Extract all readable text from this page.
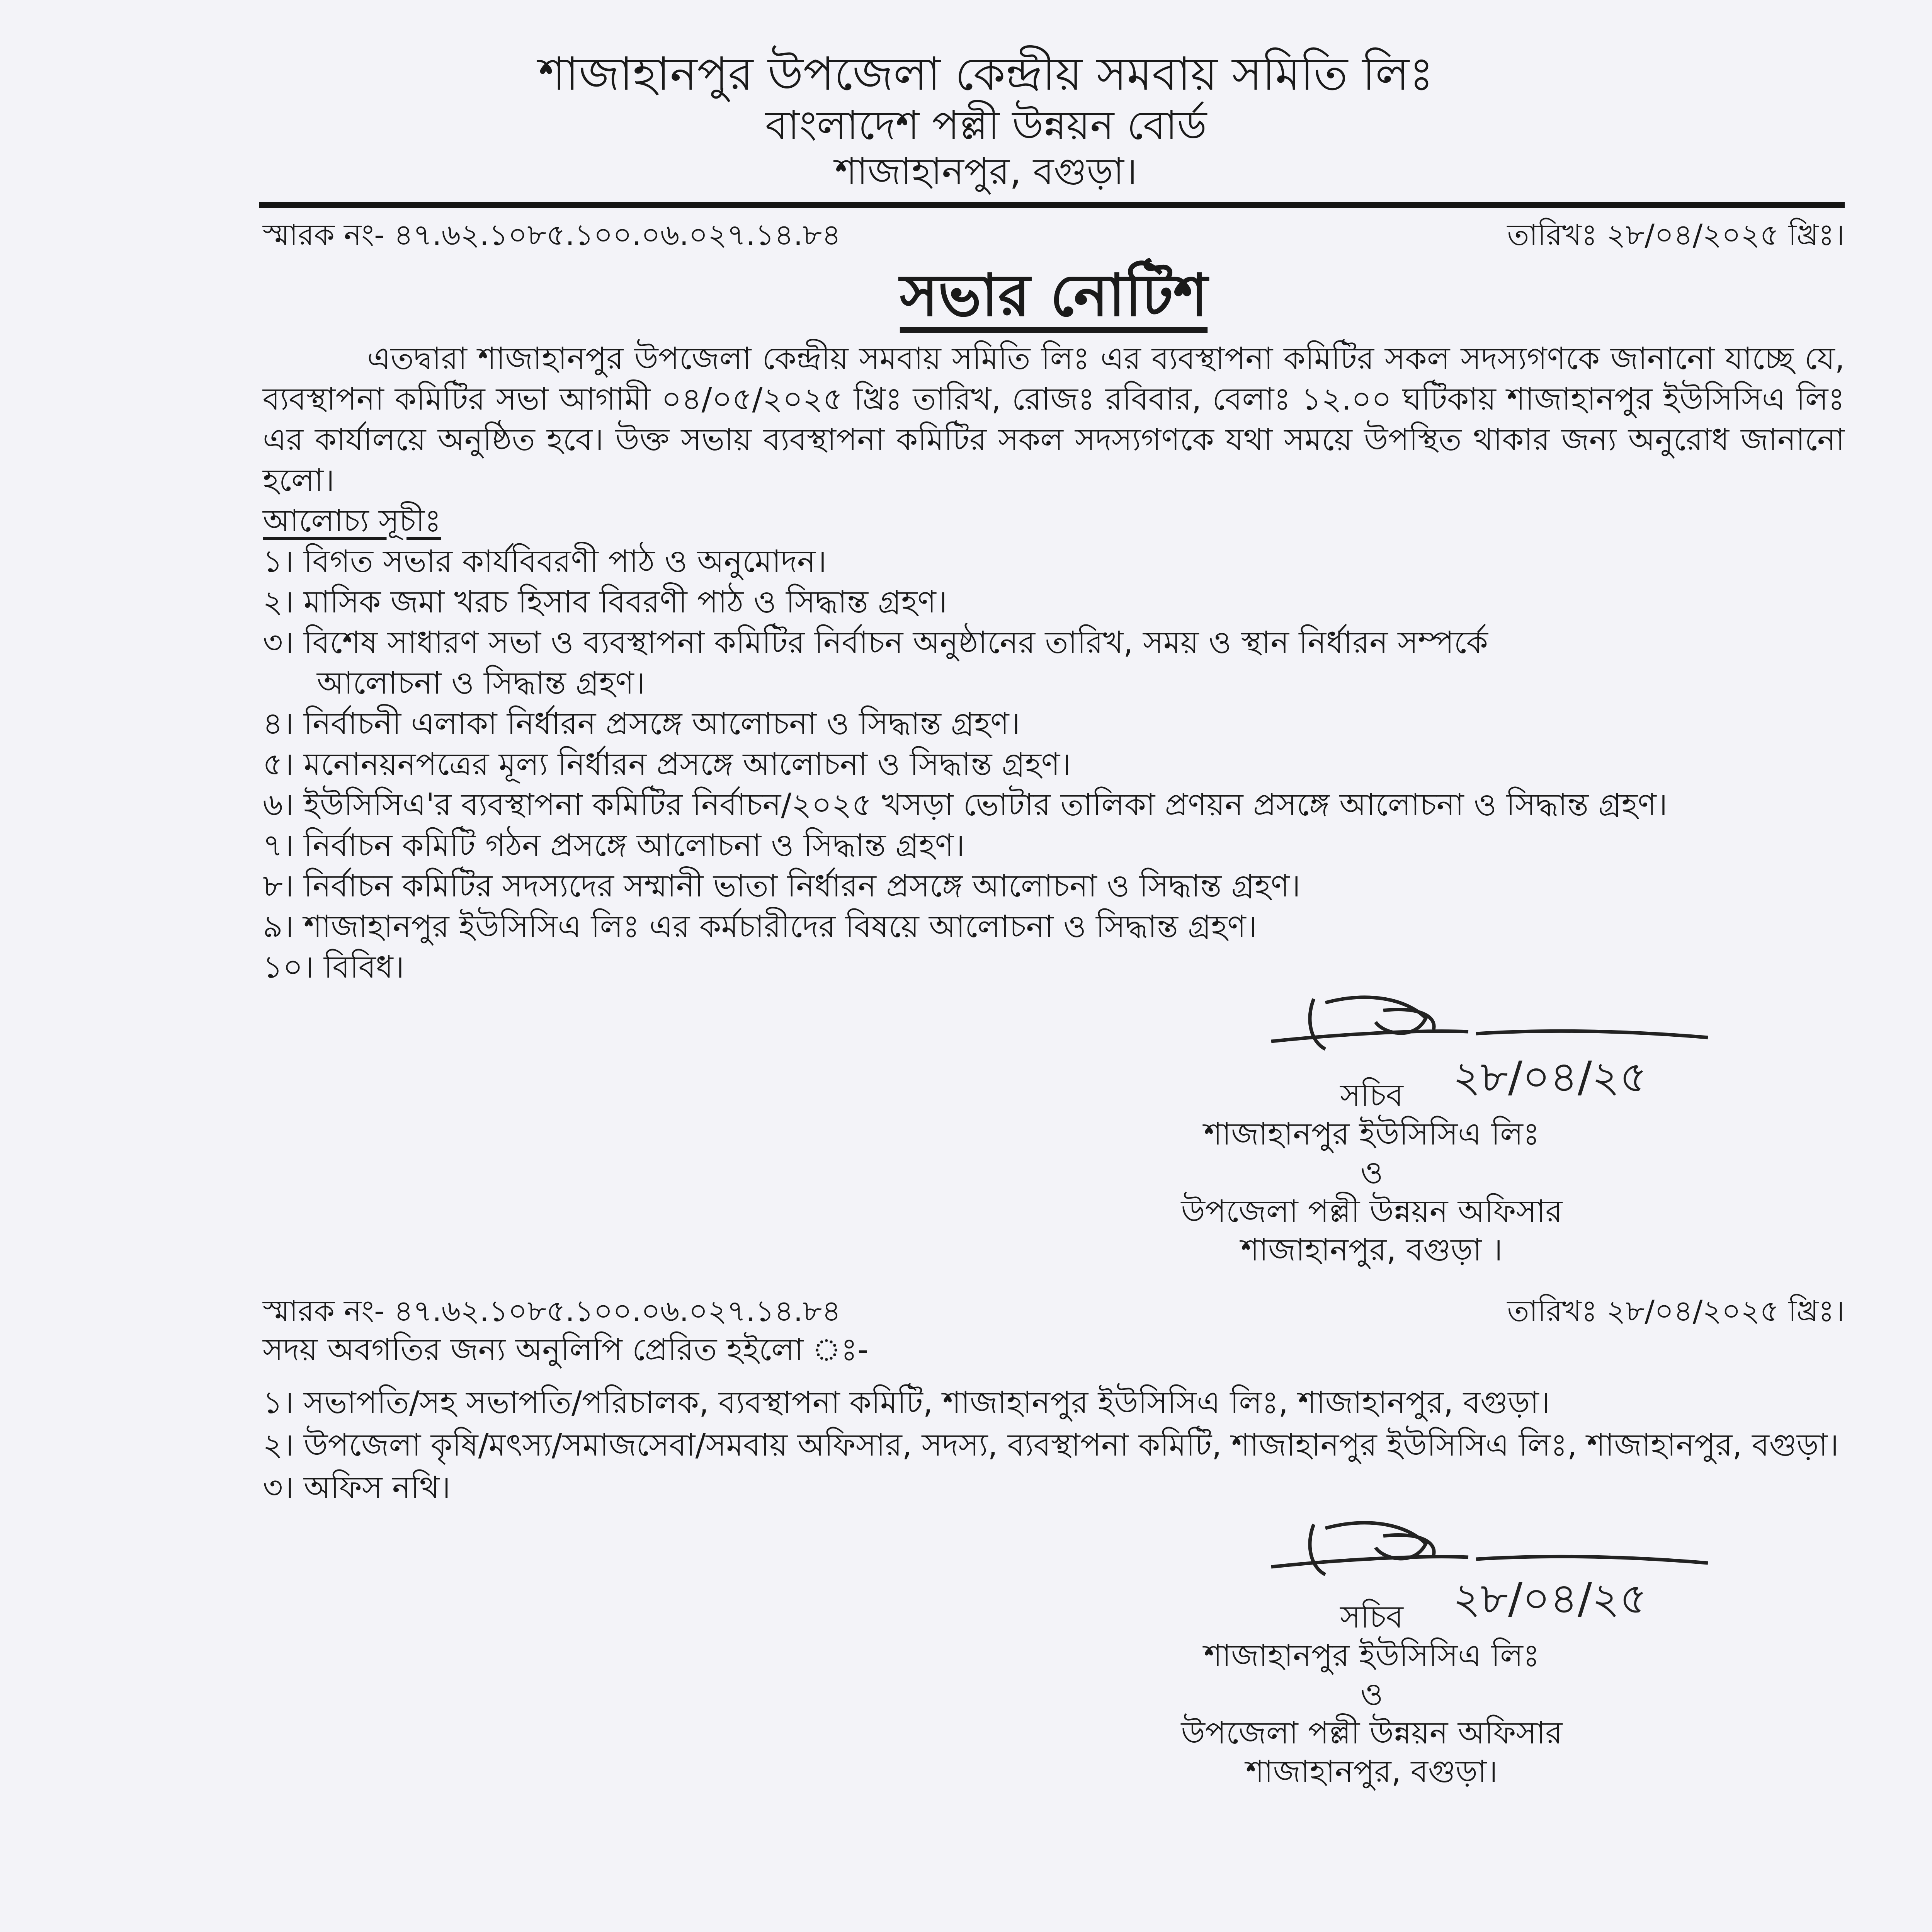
শাজাহানপুর উপজেলা কেন্দ্রীয় সমবায় সমিতি লিঃ
বাংলাদেশ পল্লী উন্নয়ন বোর্ড
শাজাহানপুর, বগুড়া।
স্মারক নং- ৪৭.৬২.১০৮৫.১০০.০৬.০২৭.১৪.৮৪	তারিখঃ ২৮/০৪/২০২৫ খ্রিঃ।
সভার নোটিশ
এতদ্বারা শাজাহানপুর উপজেলা কেন্দ্রীয় সমবায় সমিতি লিঃ এর ব্যবস্থাপনা কমিটির সকল সদস্যগণকে জানানো যাচ্ছে যে, ব্যবস্থাপনা কমিটির সভা আগামী ০৪/০৫/২০২৫ খ্রিঃ তারিখ, রোজঃ রবিবার, বেলাঃ ১২.০০ ঘটিকায় শাজাহানপুর ইউসিসিএ লিঃ এর কার্যালয়ে অনুষ্ঠিত হবে। উক্ত সভায় ব্যবস্থাপনা কমিটির সকল সদস্যগণকে যথা সময়ে উপস্থিত থাকার জন্য অনুরোধ জানানো হলো।
আলোচ্য সূচীঃ
১। বিগত সভার কার্যবিবরণী পাঠ ও অনুমোদন।
২। মাসিক জমা খরচ হিসাব বিবরণী পাঠ ও সিদ্ধান্ত গ্রহণ।
৩। বিশেষ সাধারণ সভা ও ব্যবস্থাপনা কমিটির নির্বাচন অনুষ্ঠানের তারিখ, সময় ও স্থান নির্ধারন সম্পর্কে
আলোচনা ও সিদ্ধান্ত গ্রহণ।
৪। নির্বাচনী এলাকা নির্ধারন প্রসঙ্গে আলোচনা ও সিদ্ধান্ত গ্রহণ।
৫। মনোনয়নপত্রের মূল্য নির্ধারন প্রসঙ্গে আলোচনা ও সিদ্ধান্ত গ্রহণ।
৬। ইউসিসিএ'র ব্যবস্থাপনা কমিটির নির্বাচন/২০২৫ খসড়া ভোটার তালিকা প্রণয়ন প্রসঙ্গে আলোচনা ও সিদ্ধান্ত গ্রহণ।
৭। নির্বাচন কমিটি গঠন প্রসঙ্গে আলোচনা ও সিদ্ধান্ত গ্রহণ।
৮। নির্বাচন কমিটির সদস্যদের সম্মানী ভাতা নির্ধারন প্রসঙ্গে আলোচনা ও সিদ্ধান্ত গ্রহণ।
৯। শাজাহানপুর ইউসিসিএ লিঃ এর কর্মচারীদের বিষয়ে আলোচনা ও সিদ্ধান্ত গ্রহণ।
১০। বিবিধ।
২৮/০৪/২৫
সচিব
শাজাহানপুর ইউসিসিএ লিঃ
ও
উপজেলা পল্লী উন্নয়ন অফিসার
শাজাহানপুর, বগুড়া ।
স্মারক নং- ৪৭.৬২.১০৮৫.১০০.০৬.০২৭.১৪.৮৪	তারিখঃ ২৮/০৪/২০২৫ খ্রিঃ।
সদয় অবগতির জন্য অনুলিপি প্রেরিত হইলো ঃ-
১। সভাপতি/সহ সভাপতি/পরিচালক, ব্যবস্থাপনা কমিটি, শাজাহানপুর ইউসিসিএ লিঃ, শাজাহানপুর, বগুড়া।
২। উপজেলা কৃষি/মৎস্য/সমাজসেবা/সমবায় অফিসার, সদস্য, ব্যবস্থাপনা কমিটি, শাজাহানপুর ইউসিসিএ লিঃ, শাজাহানপুর, বগুড়া।
৩। অফিস নথি।
২৮/০৪/২৫
সচিব
শাজাহানপুর ইউসিসিএ লিঃ
ও
উপজেলা পল্লী উন্নয়ন অফিসার
শাজাহানপুর, বগুড়া।
